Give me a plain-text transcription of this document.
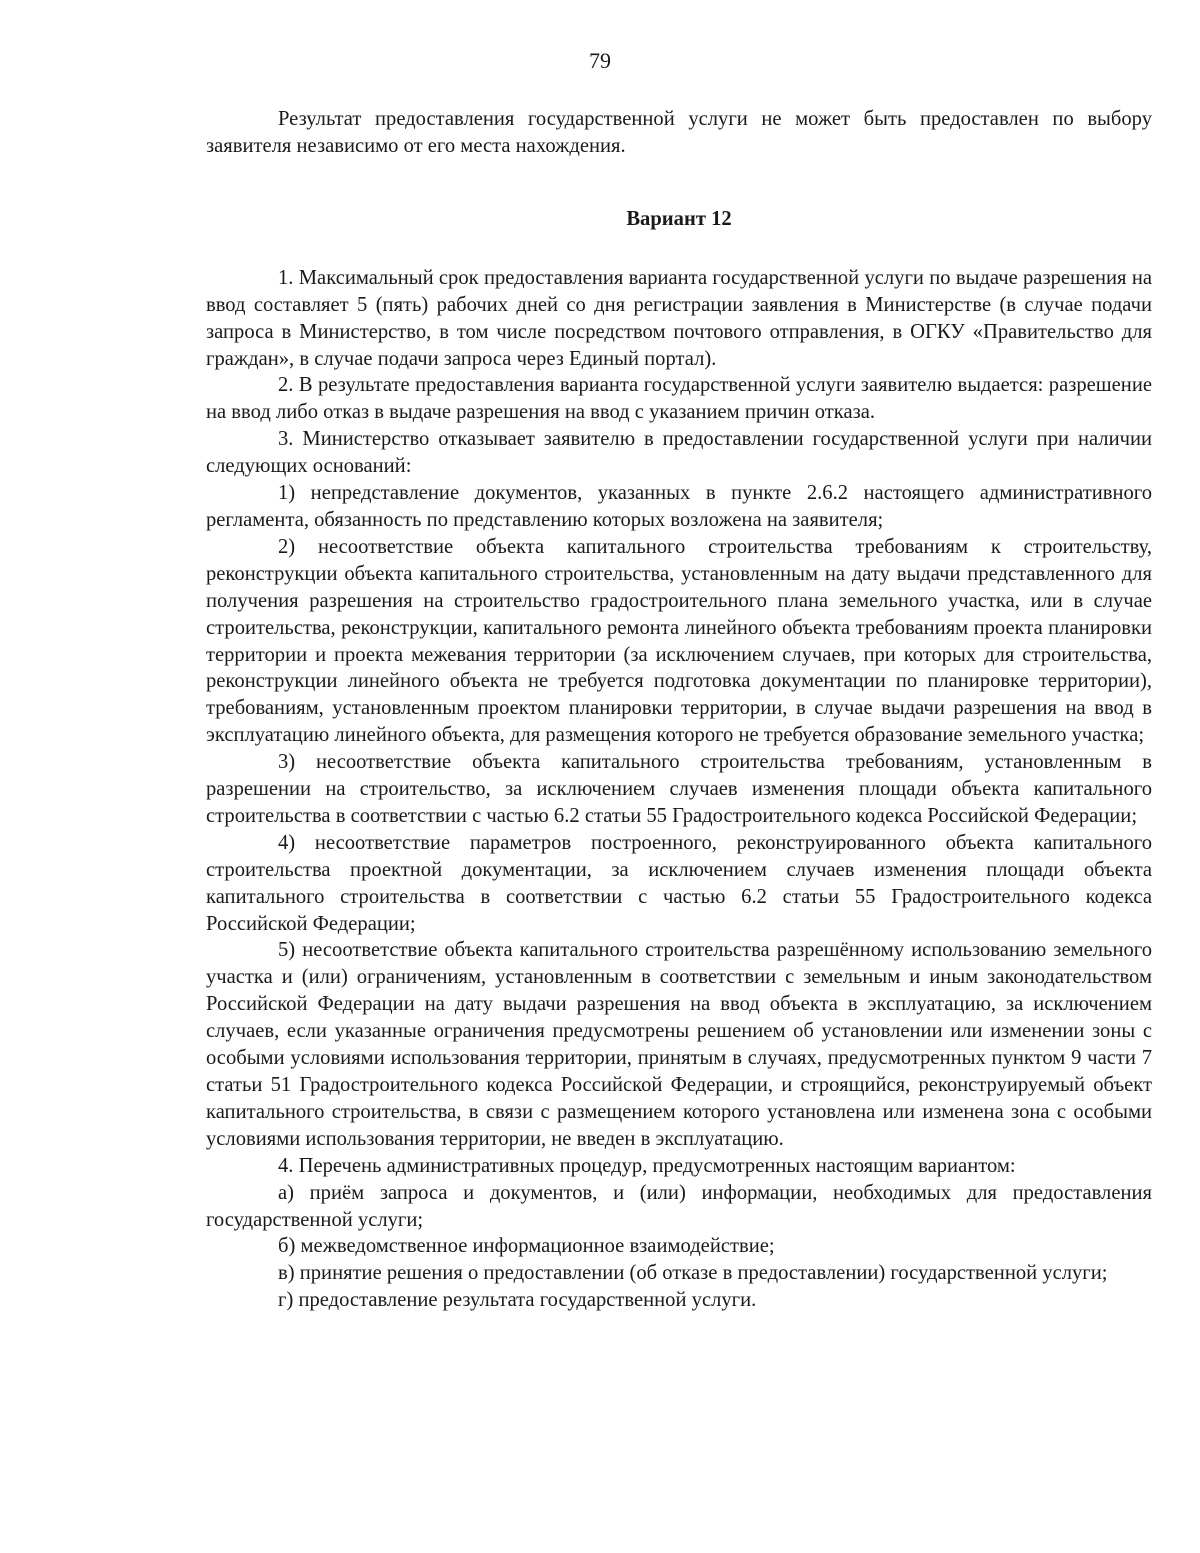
79

Результат предоставления государственной услуги не может быть предоставлен по выбору заявителя независимо от его места нахождения.

Вариант 12

1. Максимальный срок предоставления варианта государственной услуги по выдаче разрешения на ввод составляет 5 (пять) рабочих дней со дня регистрации заявления в Министерстве (в случае подачи запроса в Министерство, в том числе посредством почтового отправления, в ОГКУ «Правительство для граждан», в случае подачи запроса через Единый портал).

2. В результате предоставления варианта государственной услуги заявителю выдается: разрешение на ввод либо отказ в выдаче разрешения на ввод с указанием причин отказа.

3. Министерство отказывает заявителю в предоставлении государственной услуги при наличии следующих оснований:

1) непредставление документов, указанных в пункте 2.6.2 настоящего административного регламента, обязанность по представлению которых возложена на заявителя;

2) несоответствие объекта капитального строительства требованиям к строительству, реконструкции объекта капитального строительства, установленным на дату выдачи представленного для получения разрешения на строительство градостроительного плана земельного участка, или в случае строительства, реконструкции, капитального ремонта линейного объекта требованиям проекта планировки территории и проекта межевания территории (за исключением случаев, при которых для строительства, реконструкции линейного объекта не требуется подготовка документации по планировке территории), требованиям, установленным проектом планировки территории, в случае выдачи разрешения на ввод в эксплуатацию линейного объекта, для размещения которого не требуется образование земельного участка;

3) несоответствие объекта капитального строительства требованиям, установленным в разрешении на строительство, за исключением случаев изменения площади объекта капитального строительства в соответствии с частью 6.2 статьи 55 Градостроительного кодекса Российской Федерации;

4) несоответствие параметров построенного, реконструированного объекта капитального строительства проектной документации, за исключением случаев изменения площади объекта капитального строительства в соответствии с частью 6.2 статьи 55 Градостроительного кодекса Российской Федерации;

5) несоответствие объекта капитального строительства разрешённому использованию земельного участка и (или) ограничениям, установленным в соответствии с земельным и иным законодательством Российской Федерации на дату выдачи разрешения на ввод объекта в эксплуатацию, за исключением случаев, если указанные ограничения предусмотрены решением об установлении или изменении зоны с особыми условиями использования территории, принятым в случаях, предусмотренных пунктом 9 части 7 статьи 51 Градостроительного кодекса Российской Федерации, и строящийся, реконструируемый объект капитального строительства, в связи с размещением которого установлена или изменена зона с особыми условиями использования территории, не введен в эксплуатацию.

4. Перечень административных процедур, предусмотренных настоящим вариантом:

а) приём запроса и документов, и (или) информации, необходимых для предоставления государственной услуги;

б) межведомственное информационное взаимодействие;

в) принятие решения о предоставлении (об отказе в предоставлении) государственной услуги;

г) предоставление результата государственной услуги.
